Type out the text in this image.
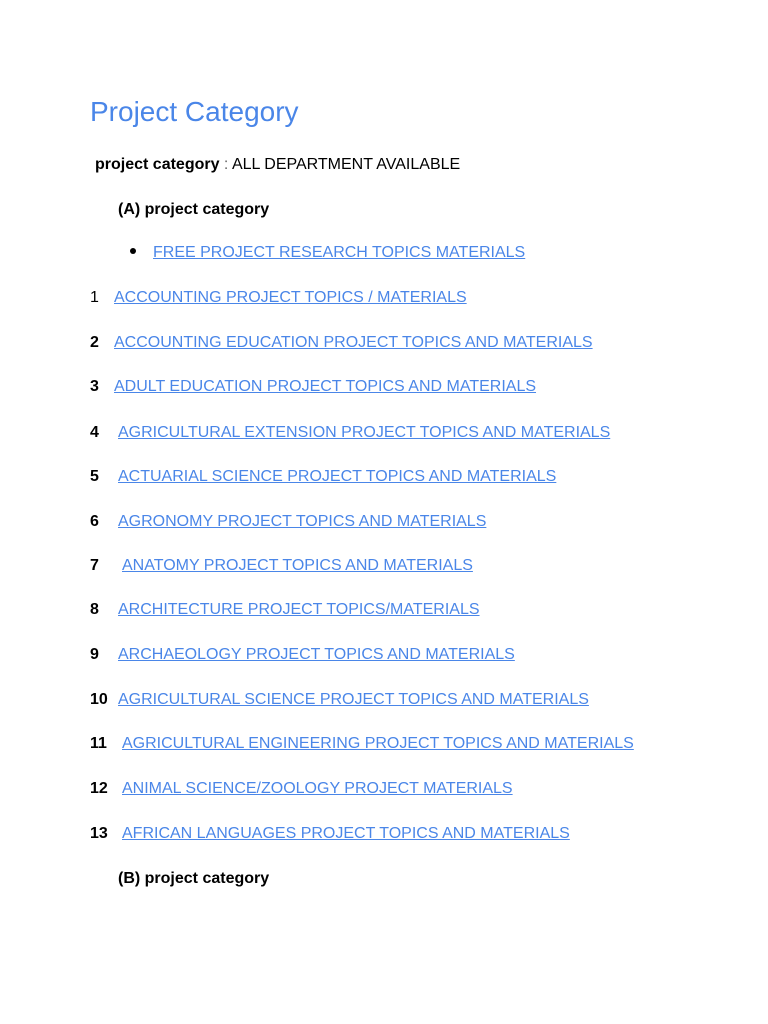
Project Category
project category : ALL DEPARTMENT AVAILABLE
(A) project category
FREE PROJECT RESEARCH TOPICS MATERIALS
1 ACCOUNTING PROJECT TOPICS / MATERIALS
2 ACCOUNTING EDUCATION PROJECT TOPICS AND MATERIALS
3 ADULT EDUCATION PROJECT TOPICS AND MATERIALS
4 AGRICULTURAL EXTENSION PROJECT TOPICS AND MATERIALS
5 ACTUARIAL SCIENCE PROJECT TOPICS AND MATERIALS
6 AGRONOMY PROJECT TOPICS AND MATERIALS
7 ANATOMY PROJECT TOPICS AND MATERIALS
8 ARCHITECTURE PROJECT TOPICS/MATERIALS
9 ARCHAEOLOGY PROJECT TOPICS AND MATERIALS
10 AGRICULTURAL SCIENCE PROJECT TOPICS AND MATERIALS
11 AGRICULTURAL ENGINEERING PROJECT TOPICS AND MATERIALS
12 ANIMAL SCIENCE/ZOOLOGY PROJECT MATERIALS
13 AFRICAN LANGUAGES PROJECT TOPICS AND MATERIALS
(B) project category
